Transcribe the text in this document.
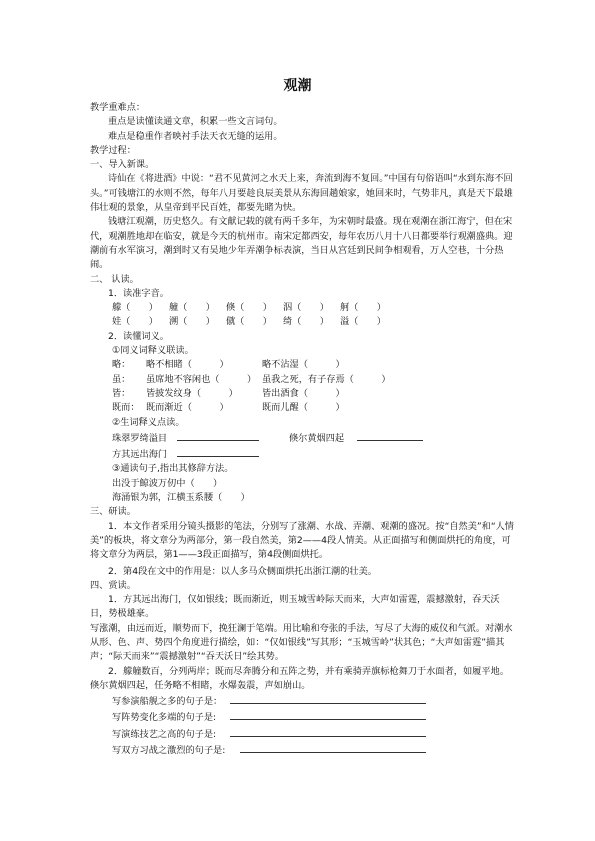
观潮
教学重难点：
重点是读懂读通文章，积累一些文言词句。
难点是稳重作者映衬手法天衣无缝的运用。
教学过程：
一、导入新课。
诗仙在《将进酒》中说：“君不见黄河之水天上来，奔流到海不复回。”中国有句俗语叫“水到东海不回头。”可钱塘江的水则不然，每年八月要趁良辰美景从东海回趟娘家，她回来时，气势非凡，真是天下最雄伟壮观的景象，从皇帝到平民百姓，都要先睹为快。
钱塘江观潮，历史悠久。有文献记载的就有两千多年，为宋朝时最盛。现在观潮在浙江海宁，但在宋代，观潮胜地却在临安，就是今天的杭州市。南宋定都西安，每年农历八月十八日都要举行观潮盛典。迎潮前有水军演习，潮到时又有吴地少年弄潮争标表演，当日从宫廷到民间争相观看，万人空巷，十分热闹。
二、 认读。
1．读准字音。
艨（　　） 艟（　　） 倏（　　） 泅（　　） 舸（　　）
娃（　　） 溯（　　） 僦（　　） 绮（　　） 溢（　　）
2．读懂词义。
①同义词释义联读。
略： 略不相睹（　　　）	略不沾湿（　　　）
虽： 虽席地不容闲也（　　　） 虽我之死，有子存焉（　　　）
皆： 皆披发纹身（　　　）	皆出酒食（　　　）
既而： 既而渐近（　　　）	既而儿醒（　　　）
②生词释义点读。
珠翠罗绮溢目	倏尔黄烟四起
方其远出海门
③通读句子,指出其修辞方法。
出没于鲸波万仞中（　　）
海涌银为郭，江横玉系腰（　　）
三、研读。
1．本文作者采用分镜头摄影的笔法，分别写了涨潮、水战、弄潮、观潮的盛况。按“自然美”和“人情美”的板块，将文章分为两部分，第一段自然美，第2——4段人情美。从正面描写和侧面烘托的角度，可将文章分为两层，第1——3段正面描写，第4段侧面烘托。
2．第4段在文中的作用是：以人多马众侧面烘托出浙江潮的壮美。
四、赏读。
1．方其远出海门，仅如银线；既而渐近，则玉城雪岭际天而来，大声如雷霆，震撼激射，吞天沃日，势极雄豪。
写涨潮，由远而近，顺势而下，挽狂澜于笔端。用比喻和夸张的手法，写尽了大海的威仪和气派。对潮水从形、色、声、势四个角度进行描绘，如：“仅如银线”写其形；“玉城雪岭”状其色；“大声如雷霆”描其声；“际天而来”“震撼激射”“吞天沃日”绘其势。
2．艨艟数百，分列两岸；既而尽奔腾分和五阵之势，并有乘骑弄旗标枪舞刀于水面者，如履平地。倏尔黄烟四起，任务略不相睹，水爆轰震，声如崩山。
写参演船舰之多的句子是：
写阵势变化多端的句子是:
写演练技艺之高的句子是:
写双方习战之激烈的句子是:
